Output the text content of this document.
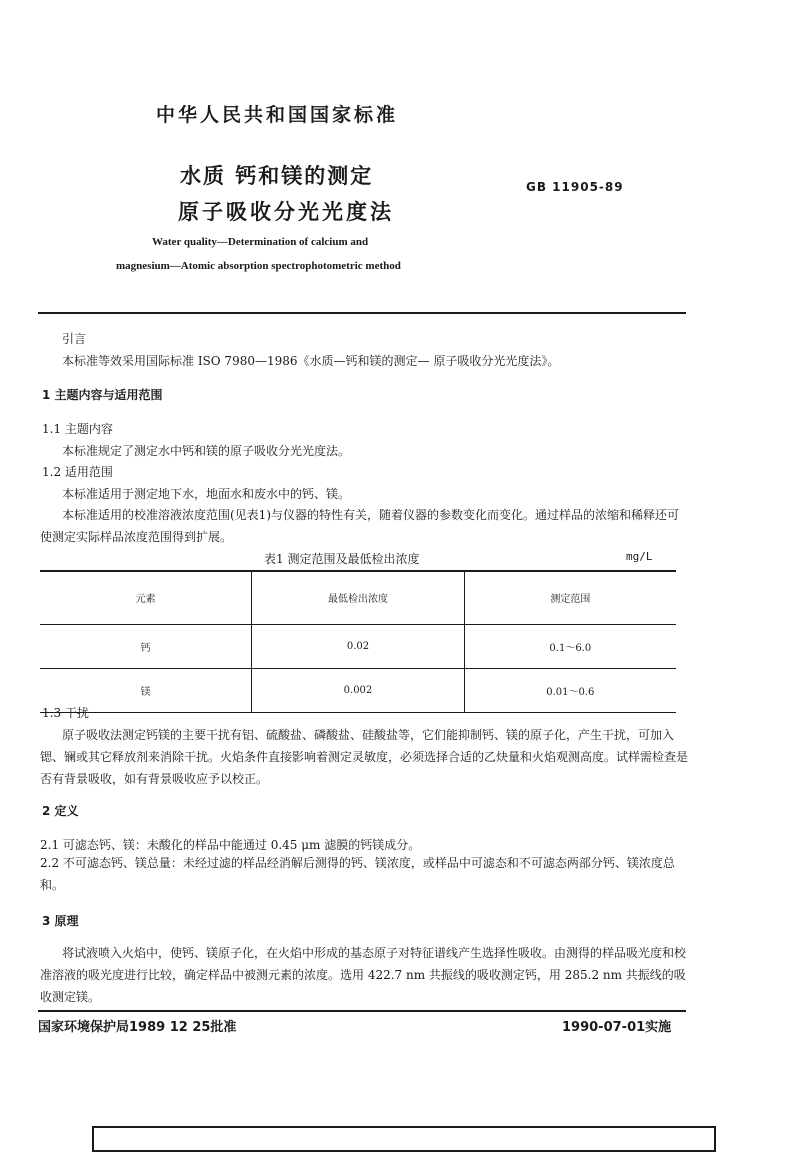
中华人民共和国国家标准
水质 钙和镁的测定
原子吸收分光光度法
GB 11905-89
Water quality—Determination of calcium and
magnesium—Atomic absorption spectrophotometric method
引言
本标准等效采用国际标准 ISO 7980—1986《水质—钙和镁的测定— 原子吸收分光光度法》。
1 主题内容与适用范围
1.1 主题内容
本标准规定了测定水中钙和镁的原子吸收分光光度法。
1.2 适用范围
本标准适用于测定地下水，地面水和废水中的钙、镁。
本标准适用的校准溶液浓度范围(见表1)与仪器的特性有关，随着仪器的参数变化而变化。通过样品的浓缩和稀释还可使测定实际样品浓度范围得到扩展。
表1 测定范围及最低检出浓度	mg/L
元素	最低检出浓度	测定范围
钙	0.02	0.1～6.0
镁	0.002	0.01～0.6
1.3 干扰
原子吸收法测定钙镁的主要干扰有铝、硫酸盐、磷酸盐、硅酸盐等，它们能抑制钙、镁的原子化，产生干扰，可加入锶、镧或其它释放剂来消除干扰。火焰条件直接影响着测定灵敏度，必须选择合适的乙炔量和火焰观测高度。试样需检查是否有背景吸收，如有背景吸收应予以校正。
2 定义
2.1 可滤态钙、镁：未酸化的样品中能通过 0.45 μm 滤膜的钙镁成分。
2.2 不可滤态钙、镁总量：未经过滤的样品经消解后测得的钙、镁浓度，或样品中可滤态和不可滤态两部分钙、镁浓度总和。
3 原理
将试液喷入火焰中，使钙、镁原子化，在火焰中形成的基态原子对特征谱线产生选择性吸收。由测得的样品吸光度和校准溶液的吸光度进行比较，确定样品中被测元素的浓度。选用 422.7 nm 共振线的吸收测定钙，用 285.2 nm 共振线的吸收测定镁。
国家环境保护局1989 12 25批准	1990-07-01实施
